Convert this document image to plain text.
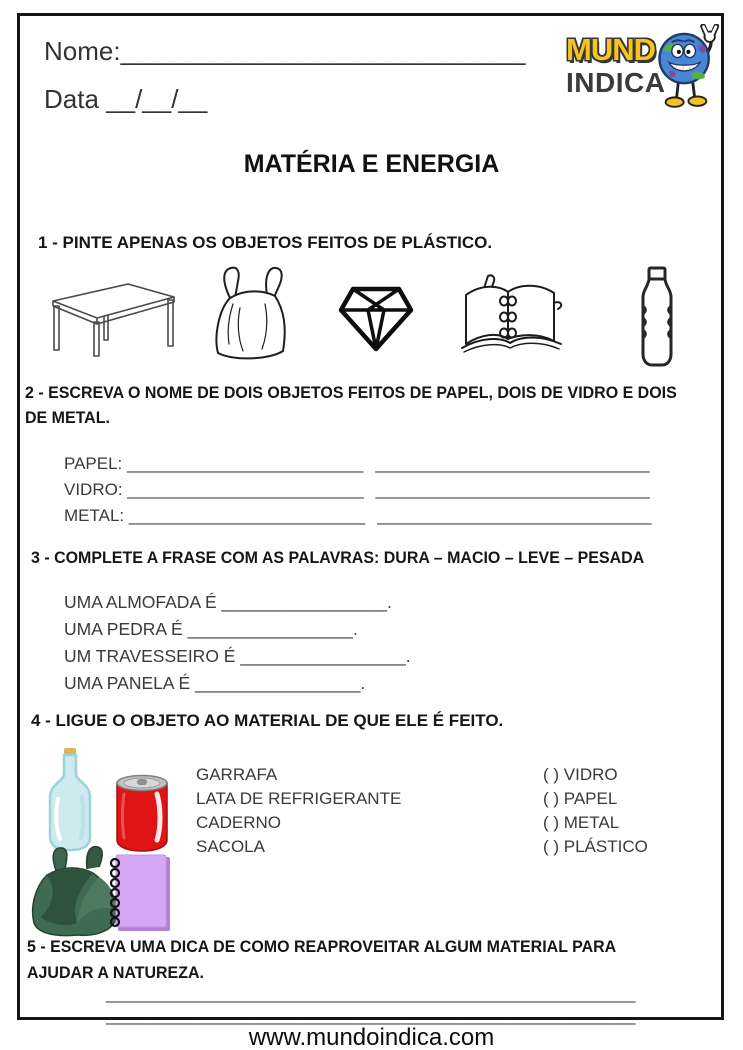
Nome:____________________________
Data __/__/__
MUND
INDICA
MATÉRIA E ENERGIA
1 - PINTE APENAS OS OBJETOS FEITOS DE PLÁSTICO.
2 - ESCREVA O NOME DE DOIS OBJETOS FEITOS DE PAPEL, DOIS DE VIDRO E DOIS
DE METAL.
PAPEL: _________________________ _____________________________
VIDRO: _________________________ _____________________________
METAL: _________________________ _____________________________
3 - COMPLETE A FRASE COM AS PALAVRAS: DURA – MACIO – LEVE – PESADA
UMA ALMOFADA É _________________.
UMA PEDRA É _________________.
UM TRAVESSEIRO É _________________.
UMA PANELA É _________________.
4 - LIGUE O OBJETO AO MATERIAL DE QUE ELE É FEITO.
GARRAFA
LATA DE REFRIGERANTE
CADERNO
SACOLA
( ) VIDRO
( ) PAPEL
( ) METAL
( ) PLÁSTICO
5 - ESCREVA UMA DICA DE COMO REAPROVEITAR ALGUM MATERIAL PARA
AJUDAR A NATUREZA.
________________________________________________________
________________________________________________________
www.mundoindica.com
